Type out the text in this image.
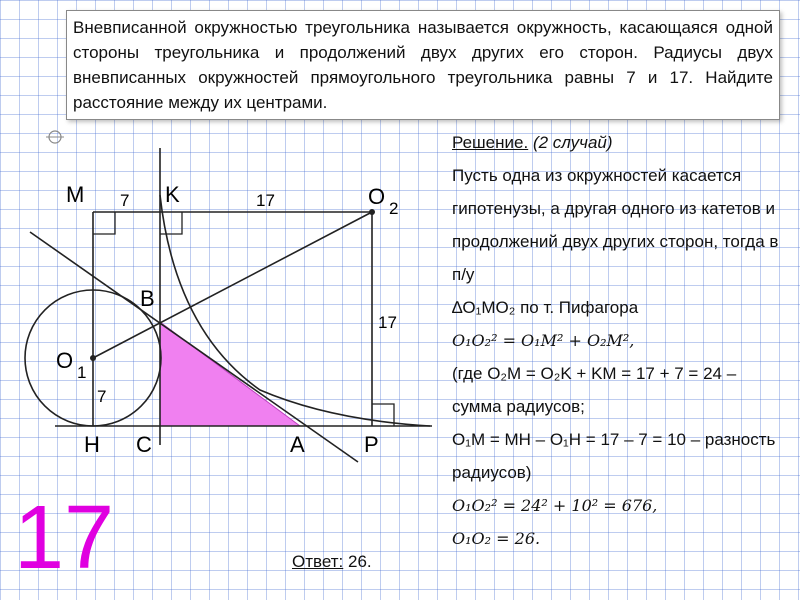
Вневписанной окружностью треугольника называется окружность, касающаяся одной стороны треугольника и продолжений двух других его сторон. Радиусы двух вневписанных окружностей прямоугольного треугольника равны 7 и 17. Найдите расстояние между их центрами.
M	K	O 2
B
O 1
H C	A	P
7	17
17
7

Решение. (2 случай)

Пусть одна из окружностей касается гипотенузы, а другая одного из катетов и продолжений двух других сторон, тогда в п/у

∆O₁MO₂ по т. Пифагора

O₁O₂² = O₁M² + O₂M²,

(где O₂M = O₂K + KM = 17 + 7 = 24 – сумма радиусов;

O₁M = MH – O₁H = 17 – 7 = 10 – разность радиусов)

O₁O₂² = 24² + 10² = 676,

O₁O₂ = 26.

17	Ответ: 26.
